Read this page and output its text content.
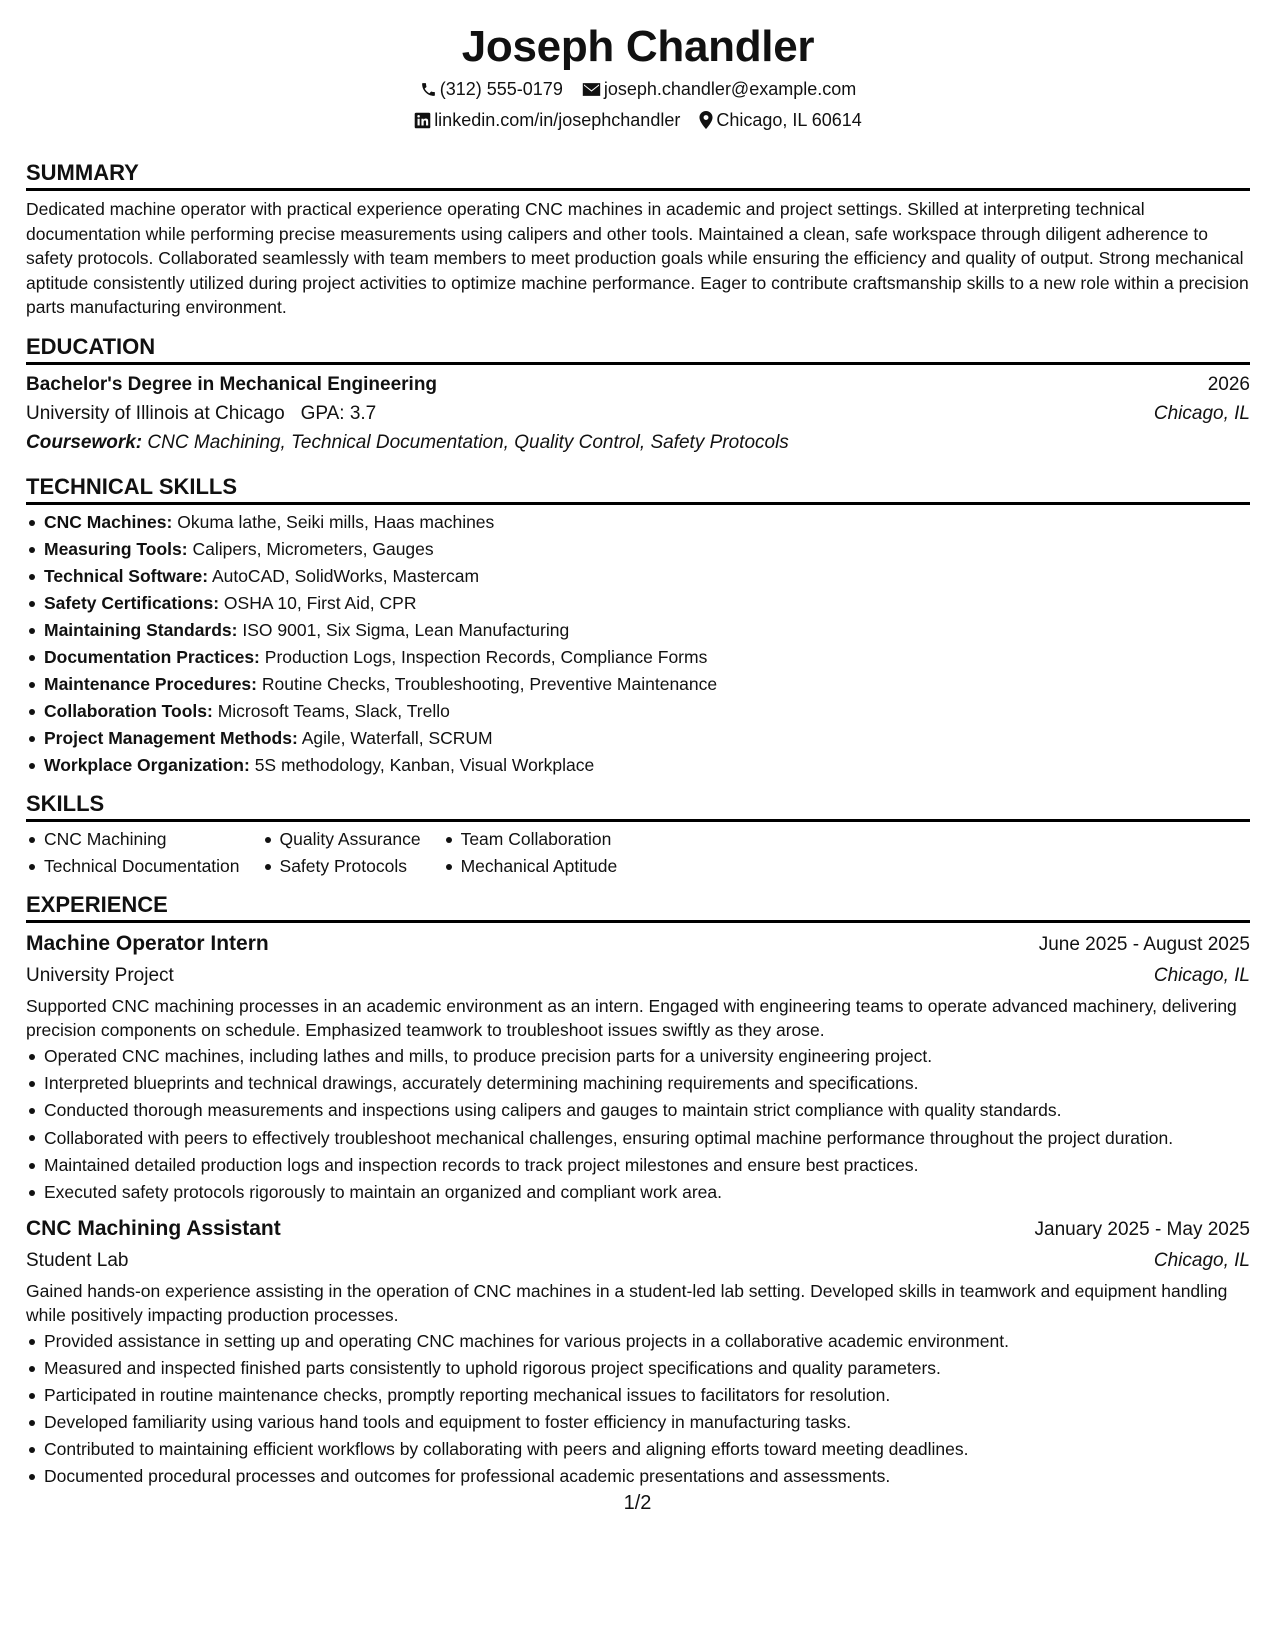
Joseph Chandler
(312) 555-0179 joseph.chandler@example.com
linkedin.com/in/josephchandler Chicago, IL 60614
SUMMARY

Dedicated machine operator with practical experience operating CNC machines in academic and project settings. Skilled at interpreting technical documentation while performing precise measurements using calipers and other tools. Maintained a clean, safe workspace through diligent adherence to safety protocols. Collaborated seamlessly with team members to meet production goals while ensuring the efficiency and quality of output. Strong mechanical aptitude consistently utilized during project activities to optimize machine performance. Eager to contribute craftsmanship skills to a new role within a precision parts manufacturing environment.

EDUCATION
Bachelor's Degree in Mechanical Engineering	2026
University of Illinois at Chicago GPA: 3.7	Chicago, IL
Coursework: CNC Machining, Technical Documentation, Quality Control, Safety Protocols
TECHNICAL SKILLS
CNC Machines: Okuma lathe, Seiki mills, Haas machines
Measuring Tools: Calipers, Micrometers, Gauges
Technical Software: AutoCAD, SolidWorks, Mastercam
Safety Certifications: OSHA 10, First Aid, CPR
Maintaining Standards: ISO 9001, Six Sigma, Lean Manufacturing
Documentation Practices: Production Logs, Inspection Records, Compliance Forms
Maintenance Procedures: Routine Checks, Troubleshooting, Preventive Maintenance
Collaboration Tools: Microsoft Teams, Slack, Trello
Project Management Methods: Agile, Waterfall, SCRUM
Workplace Organization: 5S methodology, Kanban, Visual Workplace
SKILLS
CNC Machining
Technical Documentation
Quality Assurance
Safety Protocols
Team Collaboration
Mechanical Aptitude
EXPERIENCE
Machine Operator Intern	June 2025 - August 2025
University Project	Chicago, IL

Supported CNC machining processes in an academic environment as an intern. Engaged with engineering teams to operate advanced machinery, delivering precision components on schedule. Emphasized teamwork to troubleshoot issues swiftly as they arose.

Operated CNC machines, including lathes and mills, to produce precision parts for a university engineering project.
Interpreted blueprints and technical drawings, accurately determining machining requirements and specifications.
Conducted thorough measurements and inspections using calipers and gauges to maintain strict compliance with quality standards.
Collaborated with peers to effectively troubleshoot mechanical challenges, ensuring optimal machine performance throughout the project duration.
Maintained detailed production logs and inspection records to track project milestones and ensure best practices.
Executed safety protocols rigorously to maintain an organized and compliant work area.
CNC Machining Assistant	January 2025 - May 2025
Student Lab	Chicago, IL

Gained hands-on experience assisting in the operation of CNC machines in a student-led lab setting. Developed skills in teamwork and equipment handling while positively impacting production processes.

Provided assistance in setting up and operating CNC machines for various projects in a collaborative academic environment.
Measured and inspected finished parts consistently to uphold rigorous project specifications and quality parameters.
Participated in routine maintenance checks, promptly reporting mechanical issues to facilitators for resolution.
Developed familiarity using various hand tools and equipment to foster efficiency in manufacturing tasks.
Contributed to maintaining efficient workflows by collaborating with peers and aligning efforts toward meeting deadlines.
Documented procedural processes and outcomes for professional academic presentations and assessments.
1/2
